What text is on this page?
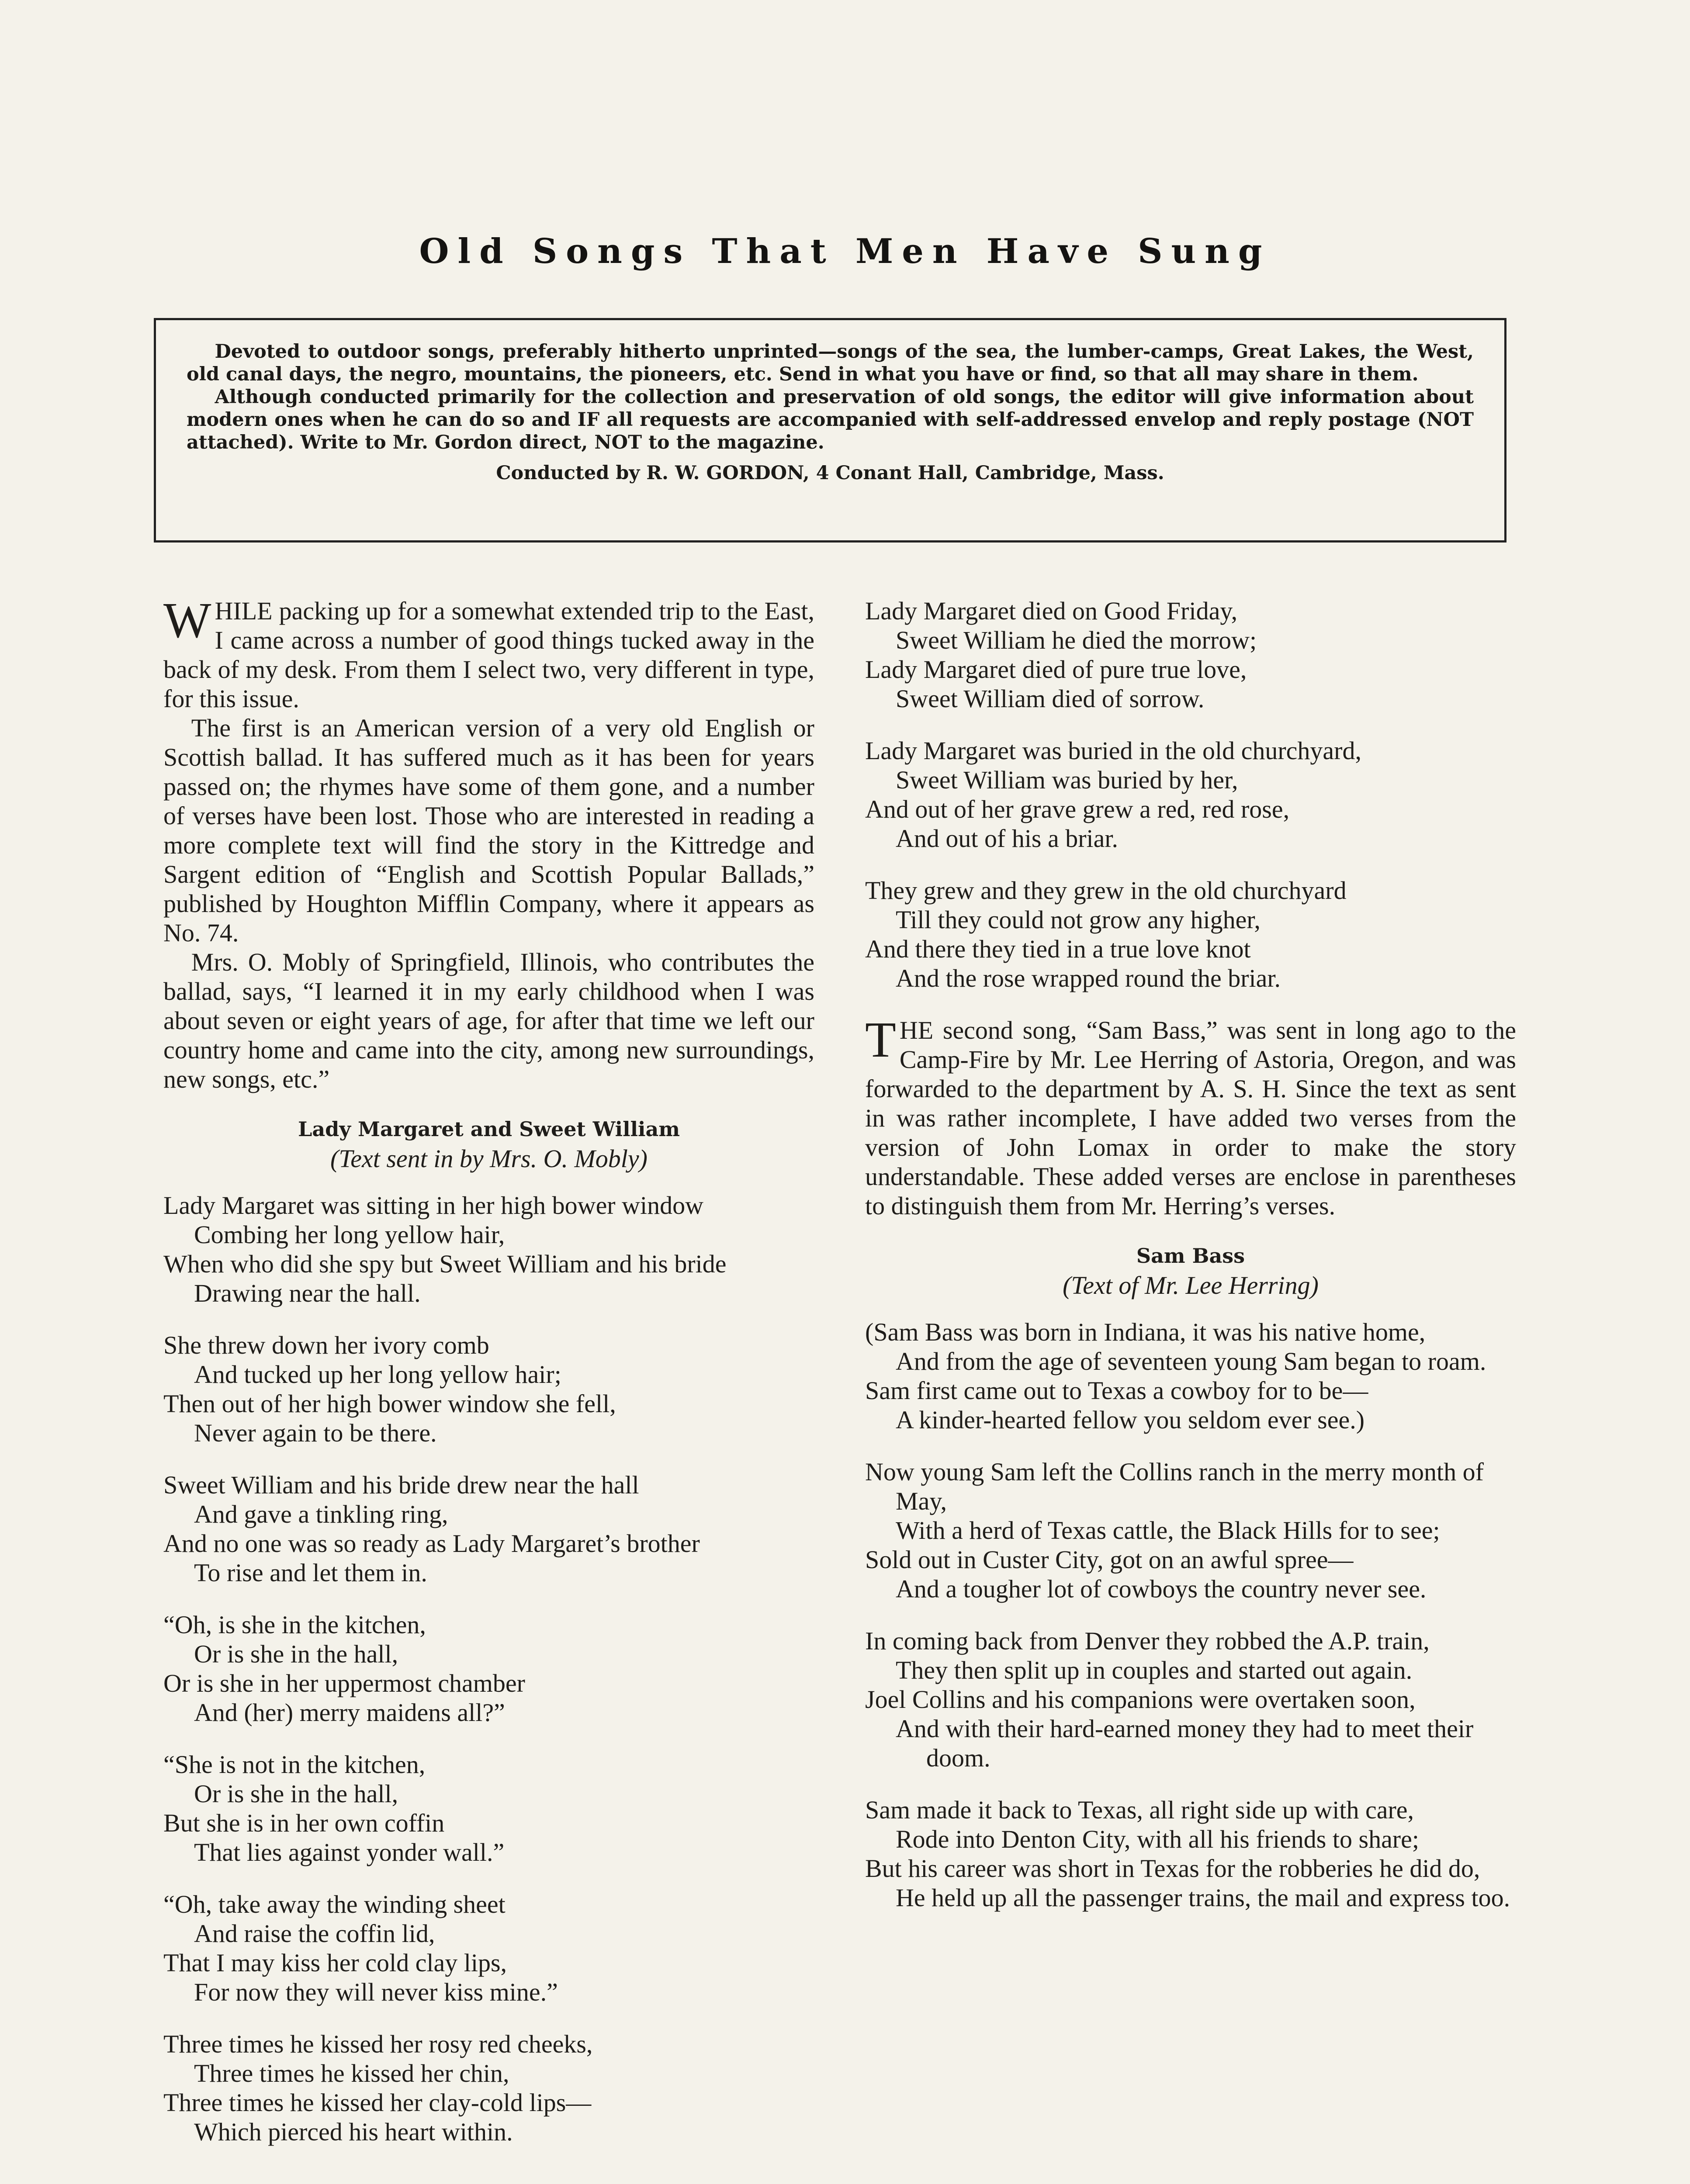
Old Songs That Men Have Sung

Devoted to outdoor songs, preferably hitherto unprinted—songs of the sea, the lumber-camps, Great Lakes, the West, old canal days, the negro, mountains, the pioneers, etc. Send in what you have or find, so that all may share in them.

Although conducted primarily for the collection and preservation of old songs, the editor will give information about modern ones when he can do so and IF all requests are accompanied with self-addressed envelop and reply postage (NOT attached). Write to Mr. Gordon direct, NOT to the magazine.

Conducted by R. W. GORDON, 4 Conant Hall, Cambridge, Mass.

WHILE packing up for a somewhat extended trip to the East, I came across a number of good things tucked away in the back of my desk. From them I select two, very different in type, for this issue.

The first is an American version of a very old English or Scottish ballad. It has suffered much as it has been for years passed on; the rhymes have some of them gone, and a number of verses have been lost. Those who are interested in reading a more complete text will find the story in the Kittredge and Sargent edition of “English and Scottish Popular Ballads,” published by Houghton Mifflin Company, where it appears as No. 74.

Mrs. O. Mobly of Springfield, Illinois, who contributes the ballad, says, “I learned it in my early childhood when I was about seven or eight years of age, for after that time we left our country home and came into the city, among new surroundings, new songs, etc.”

Lady Margaret and Sweet William

(Text sent in by Mrs. O. Mobly)

Lady Margaret was sitting in her high bower window
Combing her long yellow hair,
When who did she spy but Sweet William and his bride
Drawing near the hall.
She threw down her ivory comb
And tucked up her long yellow hair;
Then out of her high bower window she fell,
Never again to be there.
Sweet William and his bride drew near the hall
And gave a tinkling ring,
And no one was so ready as Lady Margaret’s brother
To rise and let them in.
“Oh, is she in the kitchen,
Or is she in the hall,
Or is she in her uppermost chamber
And (her) merry maidens all?”
“She is not in the kitchen,
Or is she in the hall,
But she is in her own coffin
That lies against yonder wall.”
“Oh, take away the winding sheet
And raise the coffin lid,
That I may kiss her cold clay lips,
For now they will never kiss mine.”
Three times he kissed her rosy red cheeks,
Three times he kissed her chin,
Three times he kissed her clay-cold lips—
Which pierced his heart within.
Lady Margaret died on Good Friday,
Sweet William he died the morrow;
Lady Margaret died of pure true love,
Sweet William died of sorrow.
Lady Margaret was buried in the old churchyard,
Sweet William was buried by her,
And out of her grave grew a red, red rose,
And out of his a briar.
They grew and they grew in the old churchyard
Till they could not grow any higher,
And there they tied in a true love knot
And the rose wrapped round the briar.

THE second song, “Sam Bass,” was sent in long ago to the Camp-Fire by Mr. Lee Herring of Astoria, Oregon, and was forwarded to the department by A. S. H. Since the text as sent in was rather incomplete, I have added two verses from the version of John Lomax in order to make the story understandable. These added verses are enclose in parentheses to distinguish them from Mr. Herring’s verses.

Sam Bass

(Text of Mr. Lee Herring)

(Sam Bass was born in Indiana, it was his native home,
And from the age of seventeen young Sam began to roam.
Sam first came out to Texas a cowboy for to be—
A kinder-hearted fellow you seldom ever see.)
Now young Sam left the Collins ranch in the merry month of May,
With a herd of Texas cattle, the Black Hills for to see;
Sold out in Custer City, got on an awful spree—
And a tougher lot of cowboys the country never see.
In coming back from Denver they robbed the A.P. train,
They then split up in couples and started out again.
Joel Collins and his companions were overtaken soon,
And with their hard-earned money they had to meet their doom.
Sam made it back to Texas, all right side up with care,
Rode into Denton City, with all his friends to share;
But his career was short in Texas for the robberies he did do,
He held up all the passenger trains, the mail and express too.
